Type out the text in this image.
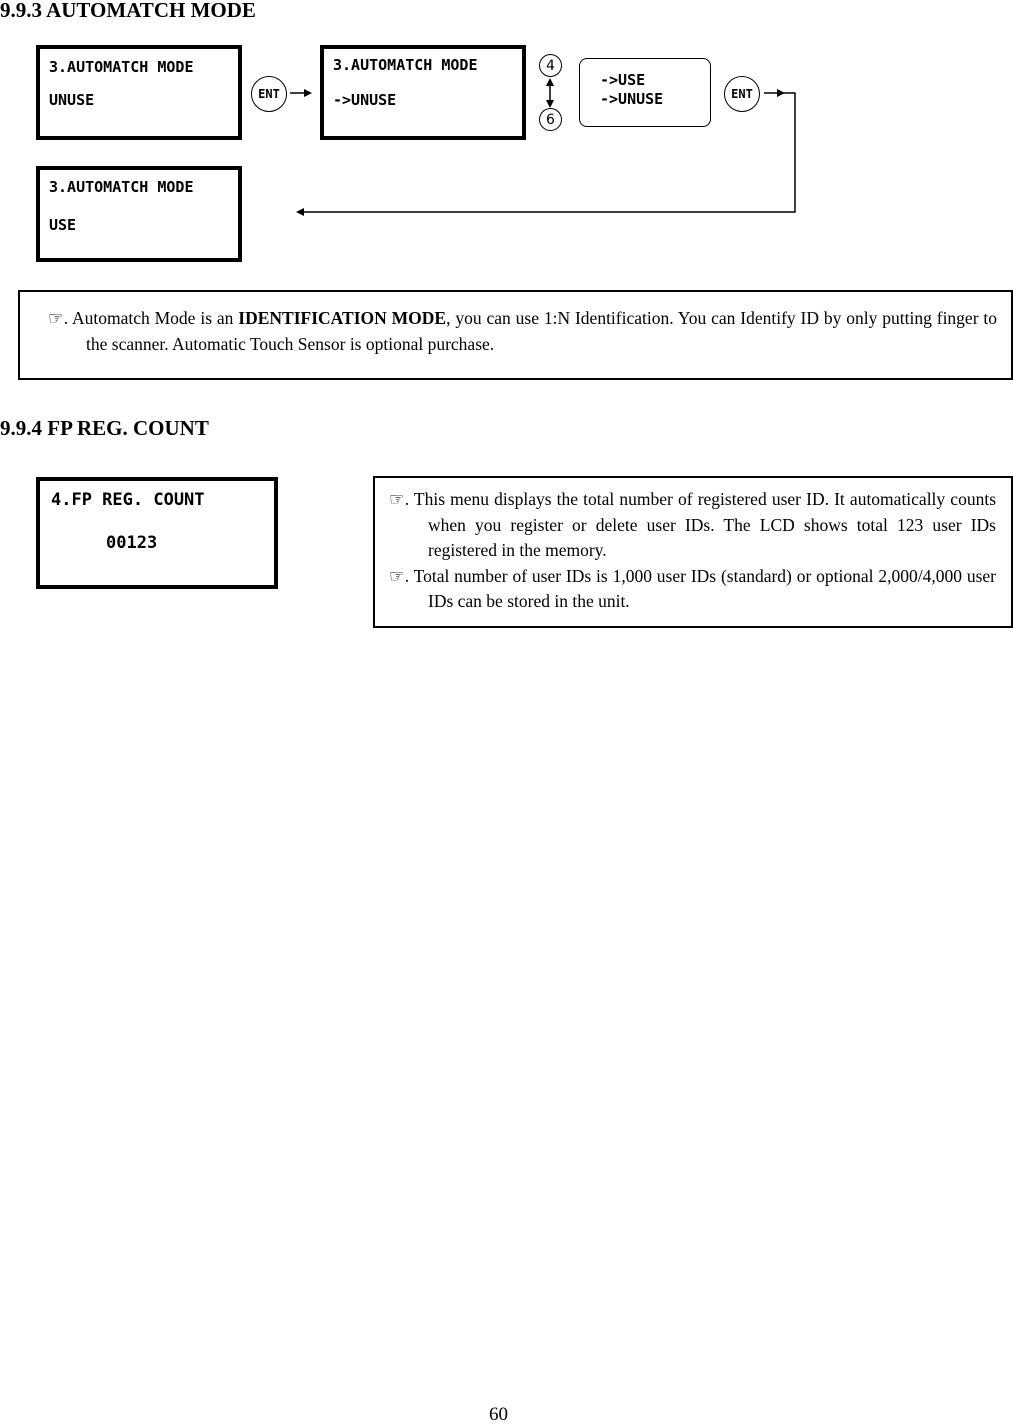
9.9.3 AUTOMATCH MODE

3.AUTOMATCH MODE

UNUSE	ENT

3.AUTOMATCH MODE

->UNUSE

4
6

->USE

->UNUSE	ENT

3.AUTOMATCH MODE

USE

☞. Automatch Mode is an IDENTIFICATION MODE, you can use 1:N Identification. You can Identify ID by only putting finger to the scanner. Automatic Touch Sensor is optional purchase.

9.9.4 FP REG. COUNT

4.FP REG. COUNT

00123

☞. This menu displays the total number of registered user ID. It automatically counts when you register or delete user IDs. The LCD shows total 123 user IDs registered in the memory.

☞. Total number of user IDs is 1,000 user IDs (standard) or optional 2,000/4,000 user IDs can be stored in the unit.

60
